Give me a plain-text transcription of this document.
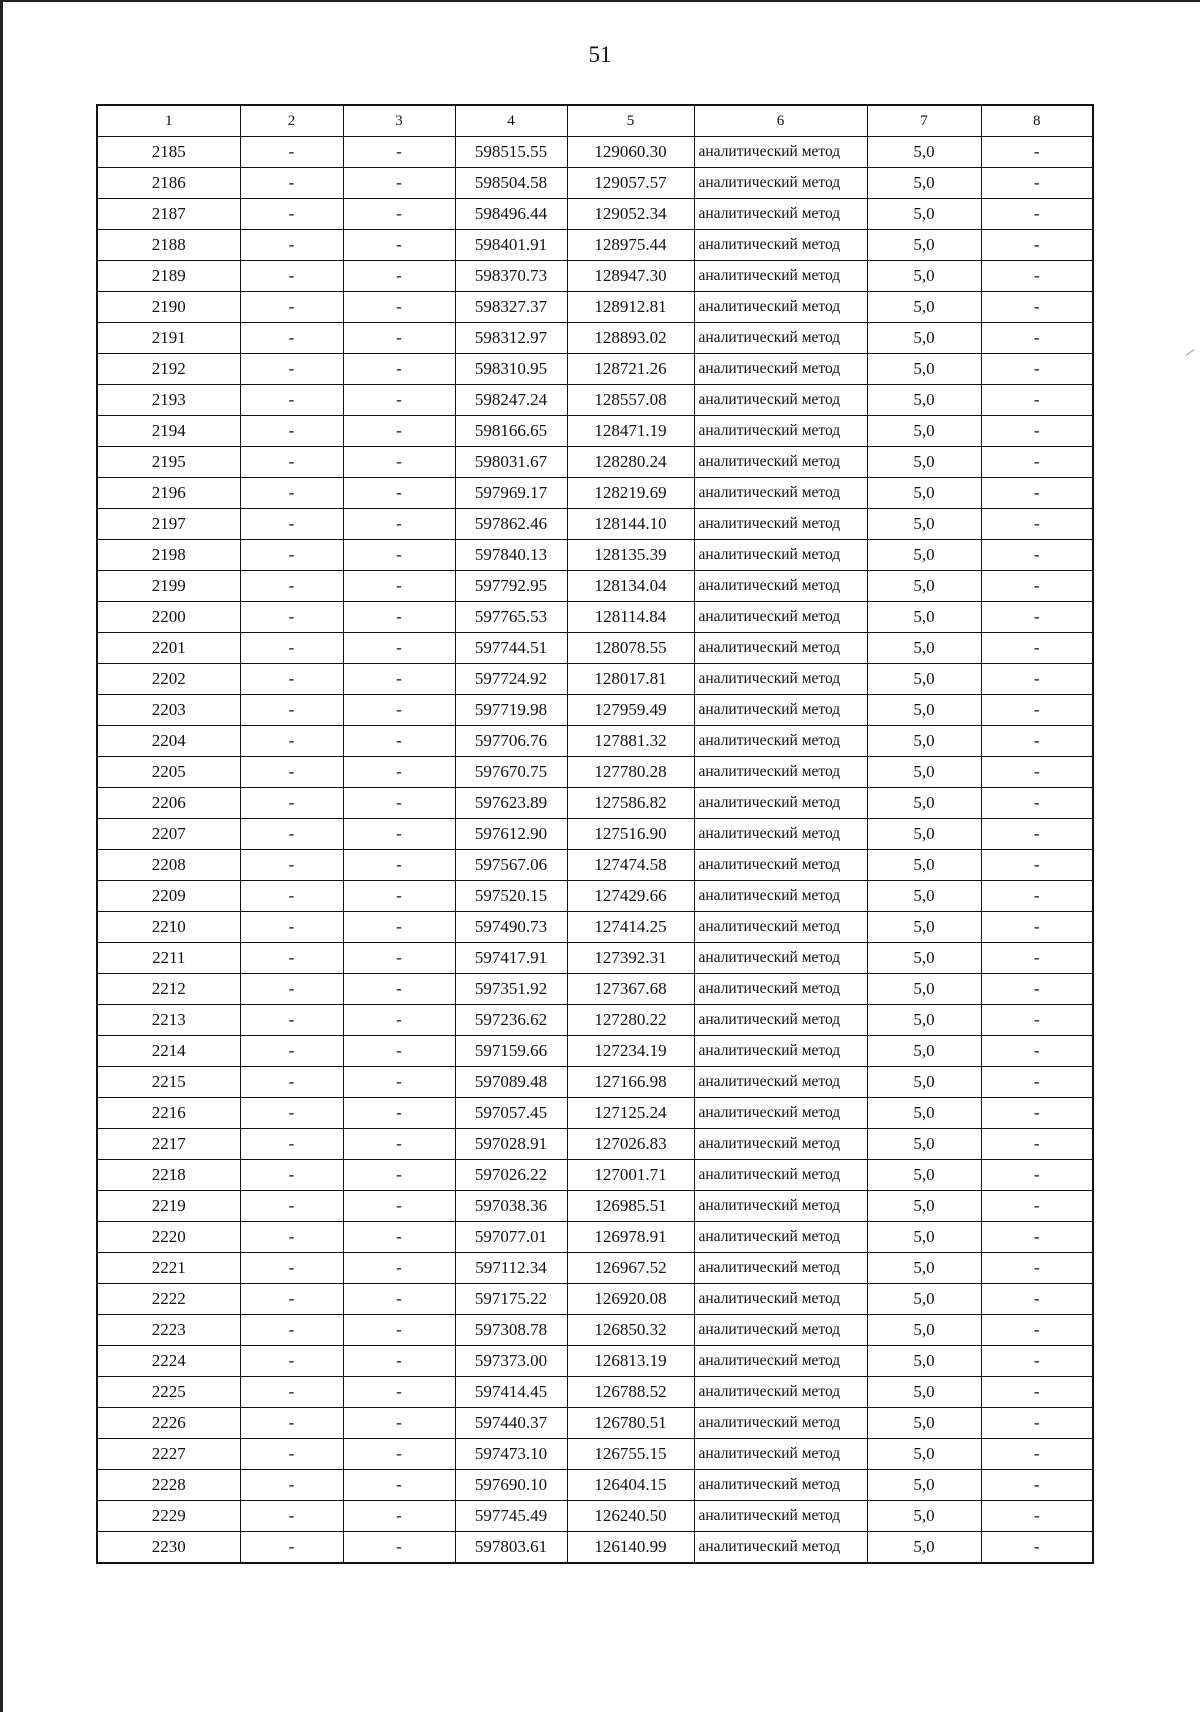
51
1	2	3	4	5	6	7	8
2185	-	-	598515.55	129060.30	аналитический метод	5,0	-
2186	-	-	598504.58	129057.57	аналитический метод	5,0	-
2187	-	-	598496.44	129052.34	аналитический метод	5,0	-
2188	-	-	598401.91	128975.44	аналитический метод	5,0	-
2189	-	-	598370.73	128947.30	аналитический метод	5,0	-
2190	-	-	598327.37	128912.81	аналитический метод	5,0	-
2191	-	-	598312.97	128893.02	аналитический метод	5,0	-
2192	-	-	598310.95	128721.26	аналитический метод	5,0	-
2193	-	-	598247.24	128557.08	аналитический метод	5,0	-
2194	-	-	598166.65	128471.19	аналитический метод	5,0	-
2195	-	-	598031.67	128280.24	аналитический метод	5,0	-
2196	-	-	597969.17	128219.69	аналитический метод	5,0	-
2197	-	-	597862.46	128144.10	аналитический метод	5,0	-
2198	-	-	597840.13	128135.39	аналитический метод	5,0	-
2199	-	-	597792.95	128134.04	аналитический метод	5,0	-
2200	-	-	597765.53	128114.84	аналитический метод	5,0	-
2201	-	-	597744.51	128078.55	аналитический метод	5,0	-
2202	-	-	597724.92	128017.81	аналитический метод	5,0	-
2203	-	-	597719.98	127959.49	аналитический метод	5,0	-
2204	-	-	597706.76	127881.32	аналитический метод	5,0	-
2205	-	-	597670.75	127780.28	аналитический метод	5,0	-
2206	-	-	597623.89	127586.82	аналитический метод	5,0	-
2207	-	-	597612.90	127516.90	аналитический метод	5,0	-
2208	-	-	597567.06	127474.58	аналитический метод	5,0	-
2209	-	-	597520.15	127429.66	аналитический метод	5,0	-
2210	-	-	597490.73	127414.25	аналитический метод	5,0	-
2211	-	-	597417.91	127392.31	аналитический метод	5,0	-
2212	-	-	597351.92	127367.68	аналитический метод	5,0	-
2213	-	-	597236.62	127280.22	аналитический метод	5,0	-
2214	-	-	597159.66	127234.19	аналитический метод	5,0	-
2215	-	-	597089.48	127166.98	аналитический метод	5,0	-
2216	-	-	597057.45	127125.24	аналитический метод	5,0	-
2217	-	-	597028.91	127026.83	аналитический метод	5,0	-
2218	-	-	597026.22	127001.71	аналитический метод	5,0	-
2219	-	-	597038.36	126985.51	аналитический метод	5,0	-
2220	-	-	597077.01	126978.91	аналитический метод	5,0	-
2221	-	-	597112.34	126967.52	аналитический метод	5,0	-
2222	-	-	597175.22	126920.08	аналитический метод	5,0	-
2223	-	-	597308.78	126850.32	аналитический метод	5,0	-
2224	-	-	597373.00	126813.19	аналитический метод	5,0	-
2225	-	-	597414.45	126788.52	аналитический метод	5,0	-
2226	-	-	597440.37	126780.51	аналитический метод	5,0	-
2227	-	-	597473.10	126755.15	аналитический метод	5,0	-
2228	-	-	597690.10	126404.15	аналитический метод	5,0	-
2229	-	-	597745.49	126240.50	аналитический метод	5,0	-
2230	-	-	597803.61	126140.99	аналитический метод	5,0	-
